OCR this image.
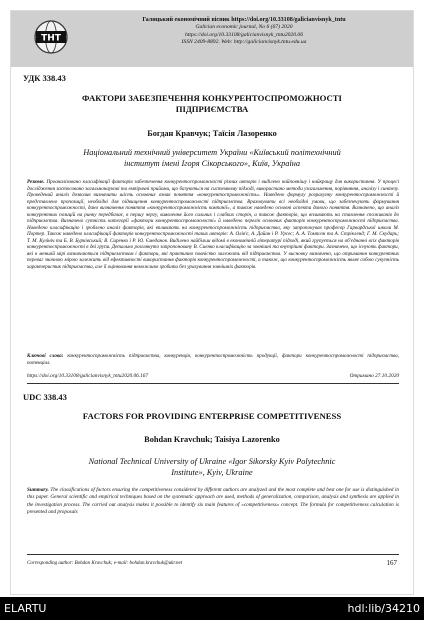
ТНТ
Галицький економічний вісник https://doi.org/10.33108/galicianvisnyk_tntu
Galician economic journal, No 6 (67) 2020
https://doi.org/10.33108/galicianvisnyk_tntu2020.06
ISSN 2409-8892. Web: http://galicianvisnyk.tntu.edu.ua
УДК 338.43
ФАКТОРИ ЗАБЕЗПЕЧЕННЯ КОНКУРЕНТОСПРОМОЖНОСТІ
ПІДПРИЄМСТВА
Богдан Кравчук; Таїсія Лазоренко
Національний технічний університет України «Київський політехнічний
інститут імені Ігоря Сікорського», Київ, Україна
Резюме. Проаналізовано класифікації факторів забезпечення конкурентоспроможності різних авторів і виділено найповнішу і найкращу для використання. У процесі дослідження застосовано загальнонаукові та емпіричні прийоми, що базуються на системному підході, використано методи узагальнення, порівняння, аналізу і синтезу. Проведений аналіз дозволив визначити шість основних ознак поняття «конкурентоспроможність». Наведено формулу розрахунку конкурентоспроможності й представлено пропозиції, необхідні для підвищення конкурентоспроможності підприємства. Враховувати всі необхідні умови, що забезпечують формування конкурентоспроможності, дано визначення поняття «конкурентоспроможність компанії», а також наведено основні аспекти даного поняття. Визначено, що аналіз конкурентних позицій на ринку передбачає, в першу чергу, виявлення його сильних і слабких сторін, а також факторів, що впливають на ставлення споживачів до підприємства. Визначено сутність категорії «фактори конкурентоспроможності» й наведено перелік основних факторів конкурентоспроможності підприємства. Наведено класифікацію і зроблено аналіз факторів, які впливають на конкурентоспроможність підприємства, яку запропонував професор Гарвардської школи М. Портер. Також наведено класифікації факторів конкурентоспроможності таких авторів: А. Олів'є, А. Дайан і Р. Урсес; А. А. Томпсон та А. Стрікленд; Г. М. Скударь; Т. М. Кулініч та Б. В. Бурківський; В. Сиренко і Р. Ю. Ємеданов. Виділено найбільш відомі в економічній літературі підході, який групується на об'єднанні всіх факторів конкурентоспроможності в дві групи. Детально розглянуто запропоновану В. Сиенко класифікацію за зовнішні та внутрішні фактори. Зазначено, що існують фактори, які в меншій мірі визначаються підприємством і фактори, які практично повністю залежать від підприємства. У висновку визначено, що отримання конкурентних переваг значною мірою залежить від ефективності використання факторів конкурентоспроможності, а також, що конкурентоспроможність являє собою сукупність характеристик підприємства, але її оцінювання неможливо зробити без урахування зовнішніх факторів.
Ключові слова: конкурентоспроможність підприємства, конкуренція, конкурентоспроможність продукції, фактори конкурентоспроможності підприємства, потенціал.
https://doi.org/10.33108/galicianvisnyk_tntu2020.06.167	Отримано 27.10.2020
UDC 338.43
FACTORS FOR PROVIDING ENTERPRISE COMPETITIVENESS
Bohdan Kravchuk; Taisiya Lazorenko
National Technical University of Ukraine «Igor Sikorsky Kyiv Polytechnic
Institute», Kyiv, Ukraine
Summary. The classifications of factors ensuring the competitiveness considered by different authors are analyzed and the most complete and best one for use is distinguished in this paper. General scientific and empirical techniques based on the systematic approach are used, methods of generalization, comparison, analysis and synthesis are applied in the investigation process. The carried out analysis makes it possible to identify six main features of «competitiveness» concept. The formula for competitiveness calculation is presented and proposals
Corresponding author: Bohdan Kravchuk; e-mail: bohdan.kravchuk@ukr.net	167
ELARTU	hdl:lib/34210
